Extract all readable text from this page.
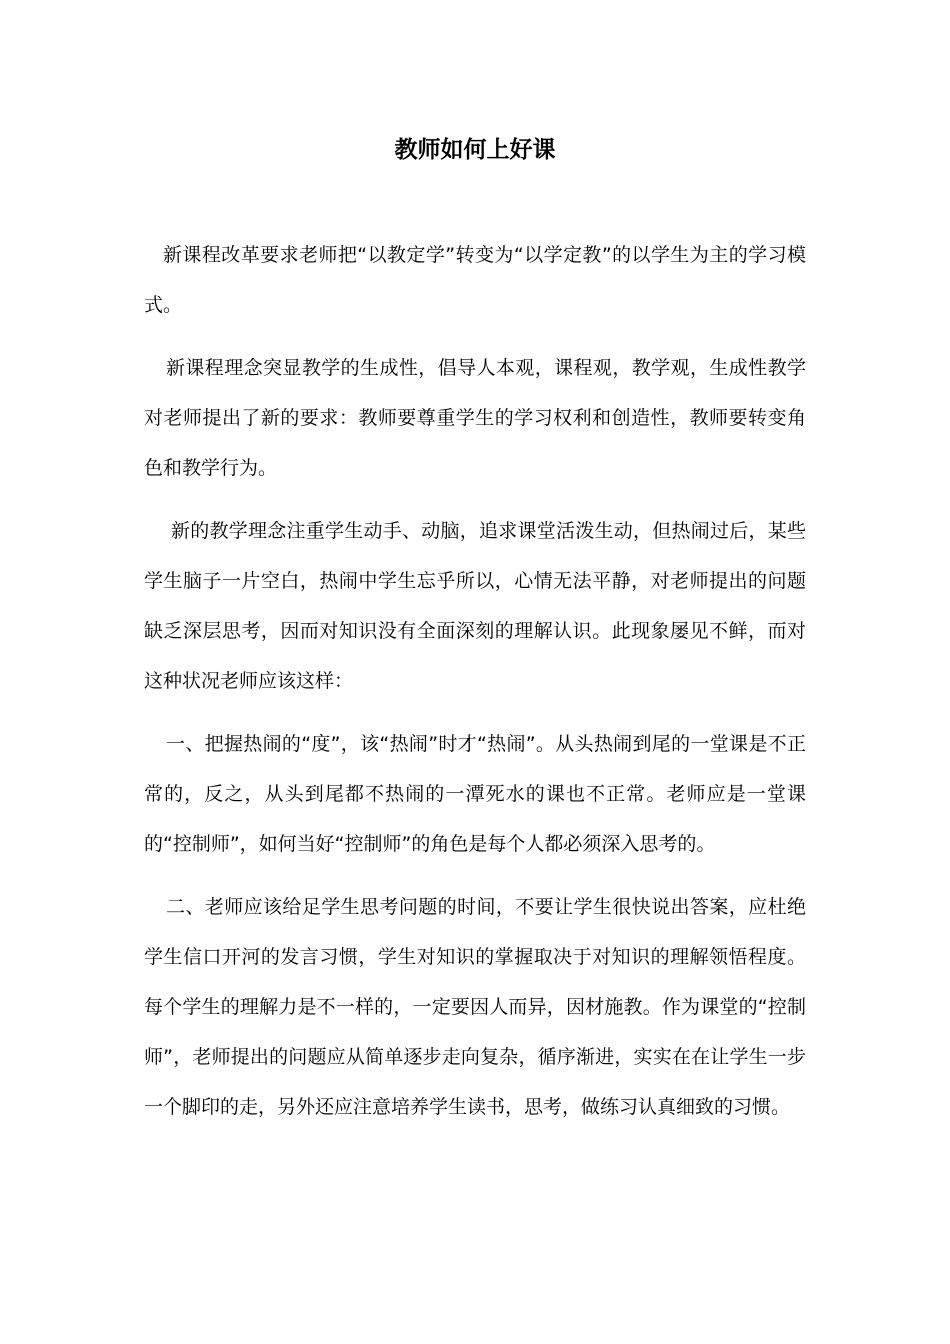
教师如何上好课

新课程改革要求老师把“以教定学”转变为“以学定教”的以学生为主的学习模式。

新课程理念突显教学的生成性，倡导人本观，课程观，教学观，生成性教学对老师提出了新的要求：教师要尊重学生的学习权利和创造性，教师要转变角色和教学行为。

新的教学理念注重学生动手、动脑，追求课堂活泼生动，但热闹过后，某些学生脑子一片空白，热闹中学生忘乎所以，心情无法平静，对老师提出的问题缺乏深层思考，因而对知识没有全面深刻的理解认识。此现象屡见不鲜，而对这种状况老师应该这样：

一、把握热闹的“度”，该“热闹”时才“热闹”。从头热闹到尾的一堂课是不正常的，反之，从头到尾都不热闹的一潭死水的课也不正常。老师应是一堂课的“控制师”，如何当好“控制师”的角色是每个人都必须深入思考的。

二、老师应该给足学生思考问题的时间，不要让学生很快说出答案，应杜绝学生信口开河的发言习惯，学生对知识的掌握取决于对知识的理解领悟程度。每个学生的理解力是不一样的，一定要因人而异，因材施教。作为课堂的“控制师”，老师提出的问题应从简单逐步走向复杂，循序渐进，实实在在让学生一步一个脚印的走，另外还应注意培养学生读书，思考，做练习认真细致的习惯。
